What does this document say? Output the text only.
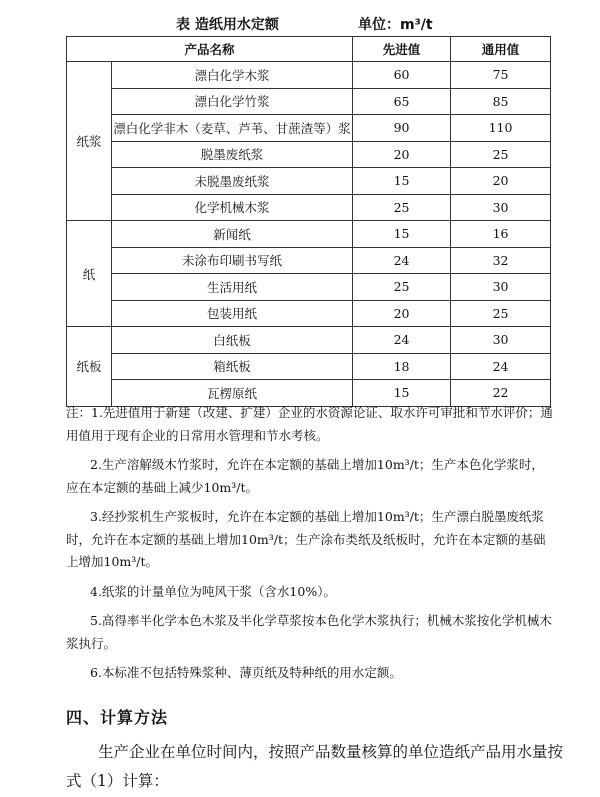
表 造纸用水定额	单位：m³/t
产品名称		先进值	通用值
纸浆	漂白化学木浆	60	75
	漂白化学竹浆	65	85
	漂白化学非木（麦草、芦苇、甘蔗渣等）浆	90	110
	脱墨废纸浆	20	25
	未脱墨废纸浆	15	20
	化学机械木浆	25	30
纸	新闻纸	15	16
	未涂布印刷书写纸	24	32
	生活用纸	25	30
	包装用纸	20	25
纸板	白纸板	24	30
	箱纸板	18	24
	瓦楞原纸	15	22

注：1.先进值用于新建（改建、扩建）企业的水资源论证、取水许可审批和节水评价；通用值用于现有企业的日常用水管理和节水考核。

2.生产溶解级木竹浆时，允许在本定额的基础上增加10m³/t；生产本色化学浆时，应在本定额的基础上减少10m³/t。

3.经抄浆机生产浆板时，允许在本定额的基础上增加10m³/t；生产漂白脱墨废纸浆时，允许在本定额的基础上增加10m³/t；生产涂布类纸及纸板时，允许在本定额的基础上增加10m³/t。

4.纸浆的计量单位为吨风干浆（含水10%）。

5.高得率半化学本色木浆及半化学草浆按本色化学木浆执行；机械木浆按化学机械木浆执行。

6.本标准不包括特殊浆种、薄页纸及特种纸的用水定额。

四、计算方法

生产企业在单位时间内，按照产品数量核算的单位造纸产品用水量按式（1）计算：
